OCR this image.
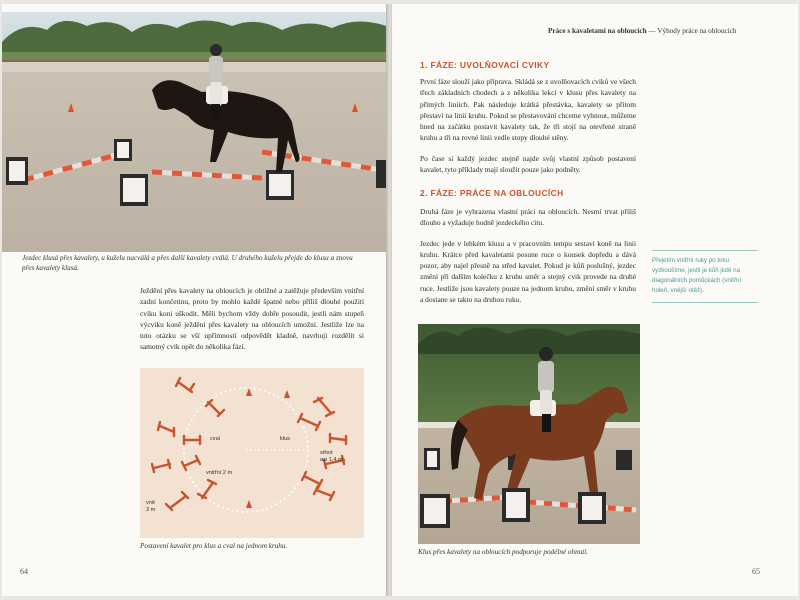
Jezdec klusá přes kavalety, u kuželu nacválá a přes další kavalety cválá. U druhého kuželu přejde do klusu a znovu přes kavalety klusá.
Ježdění přes kavalety na obloucích je obtížné a zatěžuje především vnitřní zadní končetinu, proto by mohlo každé špatné nebo příliš dlouhé použití cviku koni uškodit. Měli bychom vždy dobře posoudit, jestli nám stupeň výcviku koně ježdění přes kavalety na obloucích umožní. Jestliže lze na tuto otázku se vší upřímností odpovědět kladně, navrhuji rozdělit si samotný cvik opět do několika fází.
cval	klus
vnitřní 2 m
střed
asi 1,4 m
vně
3 m
Postavení kavalet pro klus a cval na jednom kruhu.
64
Práce s kavaletami na obloucích — Výhody práce na obloucích
1. FÁZE: UVOLŇOVACÍ CVIKY

První fáze slouží jako příprava. Skládá se z uvolňovacích cviků ve všech třech základních chodech a z několika lekcí v klusu přes kavalety na přímých liniích. Pak následuje krátká přestávka, kavalety se přitom přestaví na linii kruhu. Pokud se přestavování chceme vyhnout, můžeme hned na začátku postavit kavalety tak, že tři stojí na otevřené straně kruhu a tři na rovné linii vedle stopy dlouhé stěny.

Po čase si každý jezdec stejně najde svůj vlastní způsob postavení kavalet, tyto příklady mají sloužit pouze jako podněty.

2. FÁZE: PRÁCE NA OBLOUCÍCH

Druhá fáze je vyhrazena vlastní práci na obloucích. Nesmí trvat příliš dlouho a vyžaduje hodně jezdeckého citu.

Jezdec jede v lehkém klusu a v pracovním tempu sestaví koně na linii kruhu. Krátce před kavaletami posune ruce o kousek dopředu a dává pozor, aby najel přesně na střed kavalet. Pokud je kůň poslušný, jezdec změní při dalším kolečku z kruhu směr a stejný cvik provede na druhé ruce. Jestliže jsou kavalety pouze na jednom kruhu, změní směr v kruhu a dostane se takto na druhou ruku.

Přejetím vnitřní ruky po krku vyzkoušíme, jestli je kůň jistě na diagonálních pomůckách (vnitřní holeň, vnější otěž).
Klus přes kavalety na obloucích podporuje podélné ohnutí.
65
